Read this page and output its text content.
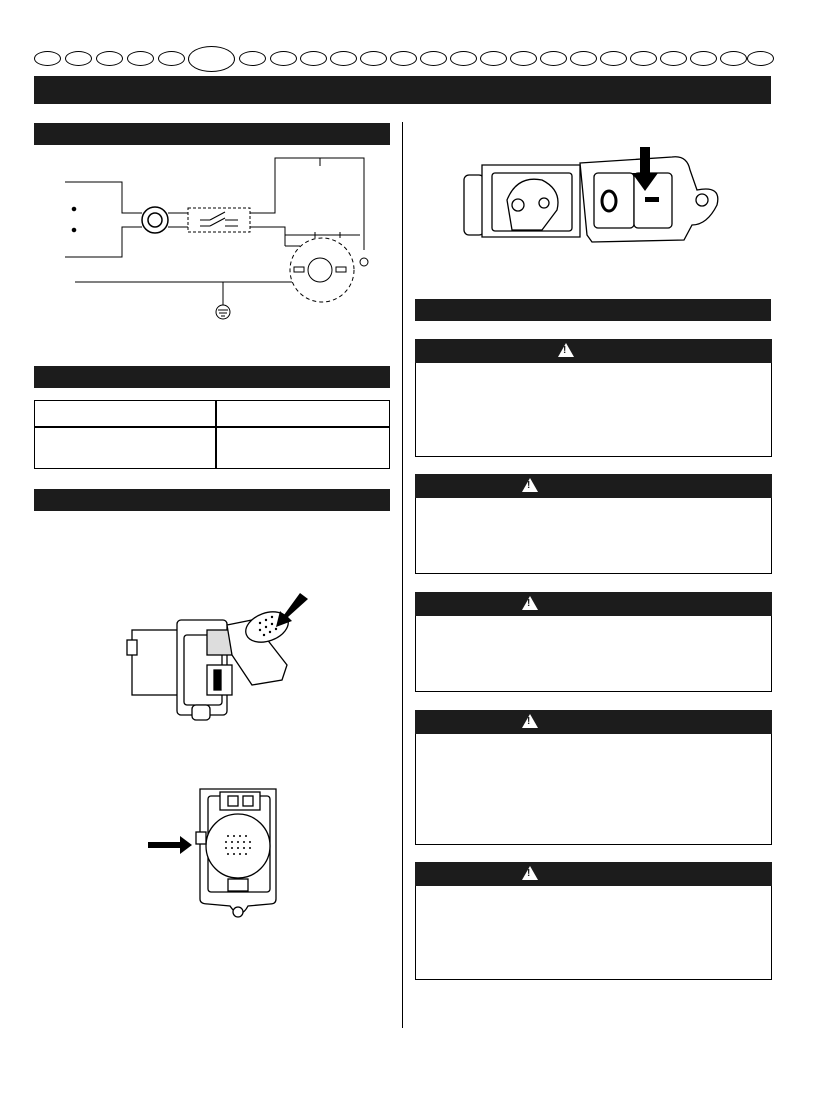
!
!
!
!
!
